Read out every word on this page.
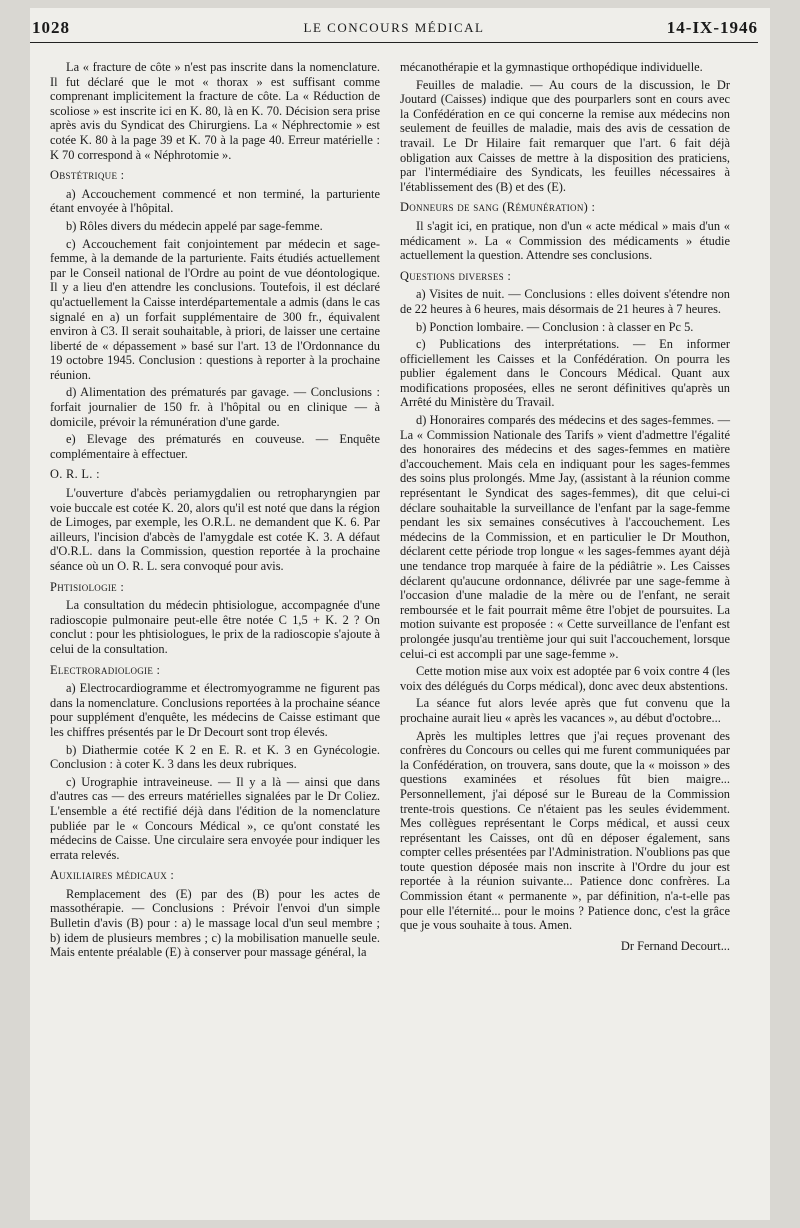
1028	LE CONCOURS MÉDICAL	14-IX-1946

La « fracture de côte » n'est pas inscrite dans la nomenclature. Il fut déclaré que le mot « thorax » est suffisant comme comprenant implicitement la fracture de côte. La « Réduction de scoliose » est inscrite ici en K. 80, là en K. 70. Décision sera prise après avis du Syndicat des Chirurgiens. La « Néphrectomie » est cotée K. 80 à la page 39 et K. 70 à la page 40. Erreur matérielle : K 70 correspond à « Néphrotomie ».

Obstétrique :

a) Accouchement commencé et non terminé, la parturiente étant envoyée à l'hôpital.

b) Rôles divers du médecin appelé par sage-femme.

c) Accouchement fait conjointement par médecin et sage-femme, à la demande de la parturiente. Faits étudiés actuellement par le Conseil national de l'Ordre au point de vue déontologique. Il y a lieu d'en attendre les conclusions. Toutefois, il est déclaré qu'actuellement la Caisse interdépartementale a admis (dans le cas signalé en a) un forfait supplémentaire de 300 fr., équivalent environ à C3. Il serait souhaitable, à priori, de laisser une certaine liberté de « dépassement » basé sur l'art. 13 de l'Ordonnance du 19 octobre 1945. Conclusion : questions à reporter à la prochaine réunion.

d) Alimentation des prématurés par gavage. — Conclusions : forfait journalier de 150 fr. à l'hôpital ou en clinique — à domicile, prévoir la rémunération d'une garde.

e) Elevage des prématurés en couveuse. — Enquête complémentaire à effectuer.

O. R. L. :

L'ouverture d'abcès periamygdalien ou retropharyngien par voie buccale est cotée K. 20, alors qu'il est noté que dans la région de Limoges, par exemple, les O.R.L. ne demandent que K. 6. Par ailleurs, l'incision d'abcès de l'amygdale est cotée K. 3. A défaut d'O.R.L. dans la Commission, question reportée à la prochaine séance où un O. R. L. sera convoqué pour avis.

Phtisiologie :

La consultation du médecin phtisiologue, accompagnée d'une radioscopie pulmonaire peut-elle être notée C 1,5 + K. 2 ? On conclut : pour les phtisiologues, le prix de la radioscopie s'ajoute à celui de la consultation.

Electroradiologie :

a) Electrocardiogramme et électromyogramme ne figurent pas dans la nomenclature. Conclusions reportées à la prochaine séance pour supplément d'enquête, les médecins de Caisse estimant que les chiffres présentés par le Dr Decourt sont trop élevés.

b) Diathermie cotée K 2 en E. R. et K. 3 en Gynécologie. Conclusion : à coter K. 3 dans les deux rubriques.

c) Urographie intraveineuse. — Il y a là — ainsi que dans d'autres cas — des erreurs matérielles signalées par le Dr Coliez. L'ensemble a été rectifié déjà dans l'édition de la nomenclature publiée par le « Concours Médical », ce qu'ont constaté les médecins de Caisse. Une circulaire sera envoyée pour indiquer les errata relevés.

Auxiliaires médicaux :

Remplacement des (E) par des (B) pour les actes de massothérapie. — Conclusions : Prévoir l'envoi d'un simple Bulletin d'avis (B) pour : a) le massage local d'un seul membre ; b) idem de plusieurs membres ; c) la mobilisation manuelle seule. Mais entente préalable (E) à conserver pour massage général, la

mécanothérapie et la gymnastique orthopédique individuelle.

Feuilles de maladie. — Au cours de la discussion, le Dr Joutard (Caisses) indique que des pourparlers sont en cours avec la Confédération en ce qui concerne la remise aux médecins non seulement de feuilles de maladie, mais des avis de cessation de travail. Le Dr Hilaire fait remarquer que l'art. 6 fait déjà obligation aux Caisses de mettre à la disposition des praticiens, par l'intermédiaire des Syndicats, les feuilles nécessaires à l'établissement des (B) et des (E).

Donneurs de sang (Rémunération) :

Il s'agit ici, en pratique, non d'un « acte médical » mais d'un « médicament ». La « Commission des médicaments » étudie actuellement la question. Attendre ses conclusions.

Questions diverses :

a) Visites de nuit. — Conclusions : elles doivent s'étendre non de 22 heures à 6 heures, mais désormais de 21 heures à 7 heures.

b) Ponction lombaire. — Conclusion : à classer en Pc 5.

c) Publications des interprétations. — En informer officiellement les Caisses et la Confédération. On pourra les publier également dans le Concours Médical. Quant aux modifications proposées, elles ne seront définitives qu'après un Arrêté du Ministère du Travail.

d) Honoraires comparés des médecins et des sages-femmes. — La « Commission Nationale des Tarifs » vient d'admettre l'égalité des honoraires des médecins et des sages-femmes en matière d'accouchement. Mais cela en indiquant pour les sages-femmes des soins plus prolongés. Mme Jay, (assistant à la réunion comme représentant le Syndicat des sages-femmes), dit que celui-ci déclare souhaitable la surveillance de l'enfant par la sage-femme pendant les six semaines consécutives à l'accouchement. Les médecins de la Commission, et en particulier le Dr Mouthon, déclarent cette période trop longue « les sages-femmes ayant déjà une tendance trop marquée à faire de la pédiâtrie ». Les Caisses déclarent qu'aucune ordonnance, délivrée par une sage-femme à l'occasion d'une maladie de la mère ou de l'enfant, ne serait remboursée et le fait pourrait même être l'objet de poursuites. La motion suivante est proposée : « Cette surveillance de l'enfant est prolongée jusqu'au trentième jour qui suit l'accouchement, lorsque celui-ci est accompli par une sage-femme ».

Cette motion mise aux voix est adoptée par 6 voix contre 4 (les voix des délégués du Corps médical), donc avec deux abstentions.

La séance fut alors levée après que fut convenu que la prochaine aurait lieu « après les vacances », au début d'octobre...

Après les multiples lettres que j'ai reçues provenant des confrères du Concours ou celles qui me furent communiquées par la Confédération, on trouvera, sans doute, que la « moisson » des questions examinées et résolues fût bien maigre... Personnellement, j'ai déposé sur le Bureau de la Commission trente-trois questions. Ce n'étaient pas les seules évidemment. Mes collègues représentant le Corps médical, et aussi ceux représentant les Caisses, ont dû en déposer également, sans compter celles présentées par l'Administration. N'oublions pas que toute question déposée mais non inscrite à l'Ordre du jour est reportée à la réunion suivante... Patience donc confrères. La Commission étant « permanente », par définition, n'a-t-elle pas pour elle l'éternité... pour le moins ? Patience donc, c'est la grâce que je vous souhaite à tous. Amen.

Dr Fernand Decourt...
